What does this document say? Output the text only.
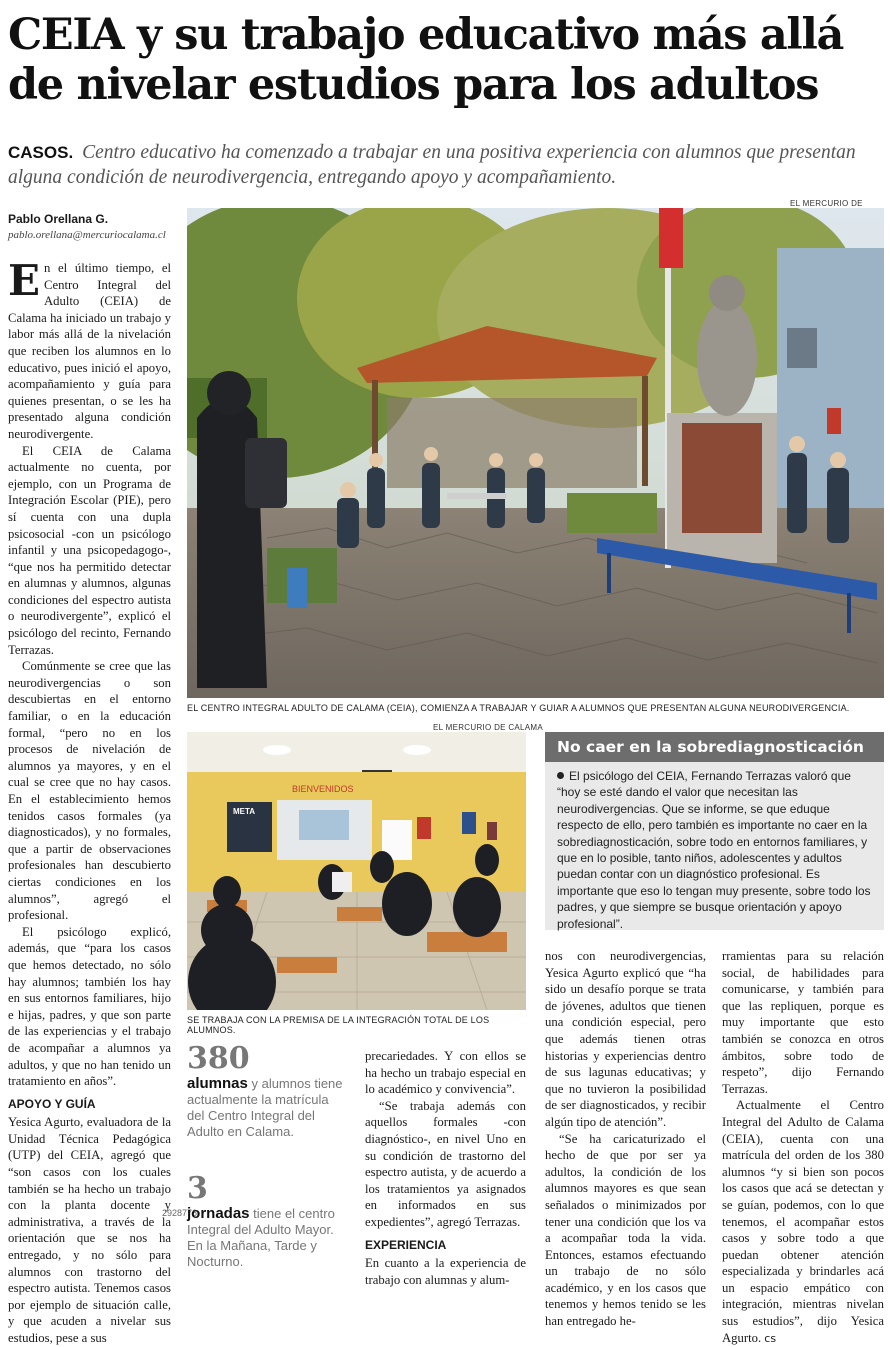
CEIA y su trabajo educativo más allá
de nivelar estudios para los adultos
CASOS. Centro educativo ha comenzado a trabajar en una positiva experiencia con alumnos que presentan alguna condición de neurodivergencia, entregando apoyo y acompañamiento.
Pablo Orellana G.
pablo.orellana@mercuriocalama.cl

En el último tiempo, el Centro Integral del Adulto (CEIA) de Calama ha iniciado un trabajo y labor más allá de la nivelación que reciben los alumnos en lo educativo, pues inició el apoyo, acompañamiento y guía para quienes presentan, o se les ha presentado alguna condición neurodivergente.

El CEIA de Calama actualmente no cuenta, por ejemplo, con un Programa de Integración Escolar (PIE), pero sí cuenta con una dupla psicosocial -con un psicólogo infantil y una psicopedagogo-, “que nos ha permitido detectar en alumnas y alumnos, algunas condiciones del espectro autista o neurodivergente”, explicó el psicólogo del recinto, Fernando Terrazas.

Comúnmente se cree que las neurodivergencias o son descubiertas en el entorno familiar, o en la educación formal, “pero no en los procesos de nivelación de alumnos ya mayores, y en el cual se cree que no hay casos. En el establecimiento hemos tenidos casos formales (ya diagnosticados), y no formales, que a partir de observaciones profesionales han descubierto ciertas condiciones en los alumnos”, agregó el profesional.

El psicólogo explicó, además, que “para los casos que hemos detectado, no sólo hay alumnos; también los hay en sus entornos familiares, hijo e hijas, padres, y que son parte de las experiencias y el trabajo de acompañar a alumnos ya adultos, y que no han tenido un tratamiento en años”.

APOYO Y GUÍA

Yesica Agurto, evaluadora de la Unidad Técnica Pedagógica (UTP) del CEIA, agregó que “son casos con los cuales también se ha hecho un trabajo con la planta docente y administrativa, a través de la orientación que se nos ha entregado, y no sólo para alumnos con trastorno del espectro autista. Tenemos casos por ejemplo de situación calle, y que acuden a nivelar sus estudios, pese a sus

EL MERCURIO DE
EL CENTRO INTEGRAL ADULTO DE CALAMA (CEIA), COMIENZA A TRABAJAR Y GUIAR A ALUMNOS QUE PRESENTAN ALGUNA NEURODIVERGENCIA.
EL MERCURIO DE CALAMA
BIENVENIDOS
META
SE TRABAJA CON LA PREMISA DE LA INTEGRACIÓN TOTAL DE LOS ALUMNOS.
No caer en la sobrediagnosticación
El psicólogo del CEIA, Fernando Terrazas valoró que “hoy se esté dando el valor que necesitan las neurodivergencias. Que se informe, se que eduque respecto de ello, pero también es importante no caer en la sobrediagnosticación, sobre todo en entornos familiares, y que en lo posible, tanto niños, adolescentes y adultos puedan contar con un diagnóstico profesional. Es importante que eso lo tengan muy presente, sobre todo los padres, y que siempre se busque orientación y apoyo profesional”.
380
alumnas y alumnos tiene actualmente la matrícula del Centro Integral del Adulto en Calama.
2928776
3
jornadas tiene el centro Integral del Adulto Mayor. En la Mañana, Tarde y Nocturno.

precariedades. Y con ellos se ha hecho un trabajo especial en lo académico y convivencia”.

“Se trabaja además con aquellos formales -con diagnóstico-, en nivel Uno en su condición de trastorno del espectro autista, y de acuerdo a los tratamientos ya asignados en informados en sus expedientes”, agregó Terrazas.

EXPERIENCIA

En cuanto a la experiencia de trabajo con alumnas y alum-

nos con neurodivergencias, Yesica Agurto explicó que “ha sido un desafío porque se trata de jóvenes, adultos que tienen una condición especial, pero que además tienen otras historias y experiencias dentro de sus lagunas educativas; y que no tuvieron la posibilidad de ser diagnosticados, y recibir algún tipo de atención”.

“Se ha caricaturizado el hecho de que por ser ya adultos, la condición de los alumnos mayores es que sean señalados o minimizados por tener una condición que los va a acompañar toda la vida. Entonces, estamos efectuando un trabajo de no sólo académico, y en los casos que tenemos y hemos tenido se les han entregado he-

rramientas para su relación social, de habilidades para comunicarse, y también para que las repliquen, porque es muy importante que esto también se conozca en otros ámbitos, sobre todo de respeto”, dijo Fernando Terrazas.

Actualmente el Centro Integral del Adulto de Calama (CEIA), cuenta con una matrícula del orden de los 380 alumnos “y si bien son pocos los casos que acá se detectan y se guían, podemos, con lo que tenemos, el acompañar estos casos y sobre todo a que puedan obtener atención especializada y brindarles acá un espacio empático con integración, mientras nivelan sus estudios”, dijo Yesica Agurto. cs
